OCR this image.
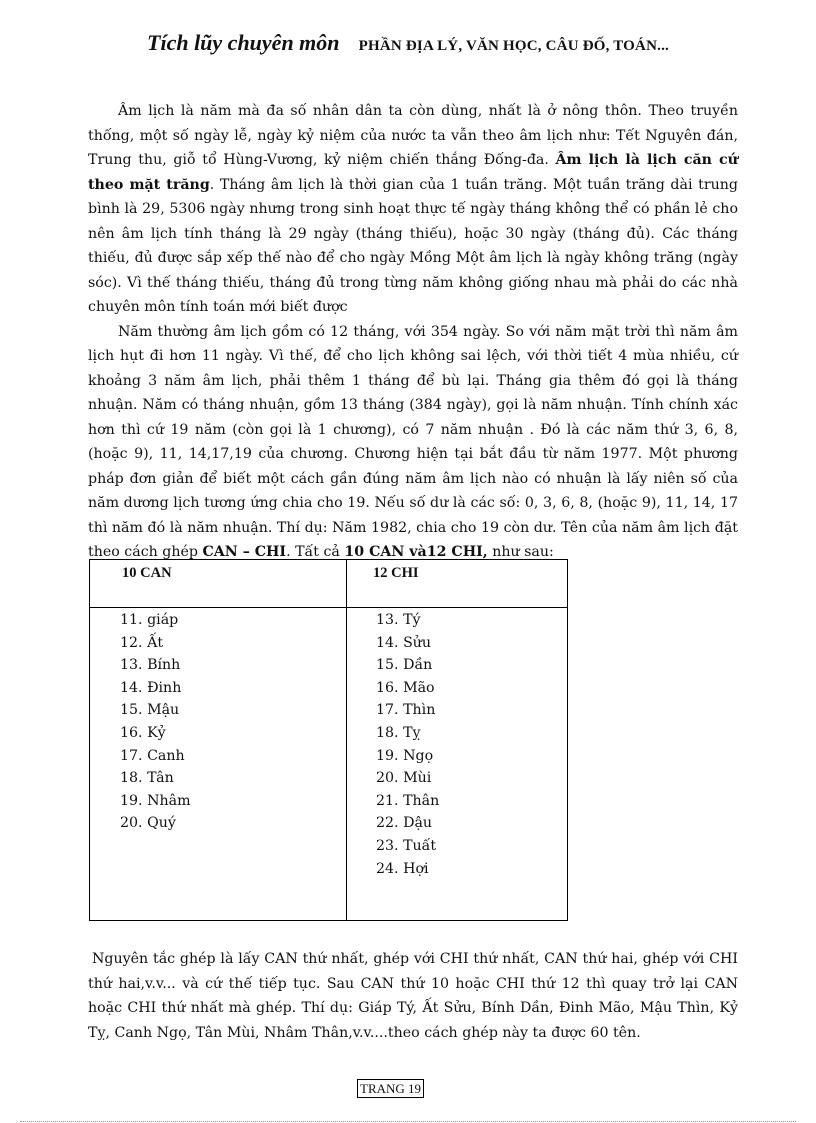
Tích lũy chuyên môn PHẦN ĐỊA LÝ, VĂN HỌC, CÂU ĐỐ, TOÁN...

Âm lịch là năm mà đa số nhân dân ta còn dùng, nhất là ở nông thôn. Theo truyền thống, một số ngày lễ, ngày kỷ niệm của nước ta vẫn theo âm lịch như: Tết Nguyên đán, Trung thu, giỗ tổ Hùng-Vương, kỷ niệm chiến thắng Đống-đa. Âm lịch là lịch căn cứ theo mặt trăng. Tháng âm lịch là thời gian của 1 tuần trăng. Một tuần trăng dài trung bình là 29, 5306 ngày nhưng trong sinh hoạt thực tế ngày tháng không thể có phần lẻ cho nên âm lịch tính tháng là 29 ngày (tháng thiếu), hoặc 30 ngày (tháng đủ). Các tháng thiếu, đủ được sắp xếp thế nào để cho ngày Mồng Một âm lịch là ngày không trăng (ngày sóc). Vì thế tháng thiếu, tháng đủ trong từng năm không giống nhau mà phải do các nhà chuyên môn tính toán mới biết được

Năm thường âm lịch gồm có 12 tháng, với 354 ngày. So với năm mặt trời thì năm âm lịch hụt đi hơn 11 ngày. Vì thế, để cho lịch không sai lệch, với thời tiết 4 mùa nhiều, cứ khoảng 3 năm âm lịch, phải thêm 1 tháng để bù lại. Tháng gia thêm đó gọi là tháng nhuận. Năm có tháng nhuận, gồm 13 tháng (384 ngày), gọi là năm nhuận. Tính chính xác hơn thì cứ 19 năm (còn gọi là 1 chương), có 7 năm nhuận . Đó là các năm thứ 3, 6, 8, (hoặc 9), 11, 14,17,19 của chương. Chương hiện tại bắt đầu từ năm 1977. Một phương pháp đơn giản để biết một cách gần đúng năm âm lịch nào có nhuận là lấy niên số của năm dương lịch tương ứng chia cho 19. Nếu số dư là các số: 0, 3, 6, 8, (hoặc 9), 11, 14, 17 thì năm đó là năm nhuận. Thí dụ: Năm 1982, chia cho 19 còn dư. Tên của năm âm lịch đặt theo cách ghép CAN – CHI. Tất cả 10 CAN và12 CHI, như sau:

10 CAN	12 CHI
11. giáp
12. Ất
13. Bính
14. Đinh
15. Mậu
16. Kỷ
17. Canh
18. Tân
19. Nhâm
20. Quý
13. Tý
14. Sửu
15. Dần
16. Mão
17. Thìn
18. Tỵ
19. Ngọ
20. Mùi
21. Thân
22. Dậu
23. Tuất
24. Hợi

Nguyên tắc ghép là lấy CAN thứ nhất, ghép với CHI thứ nhất, CAN thứ hai, ghép với CHI thứ hai,v.v... và cứ thế tiếp tục. Sau CAN thứ 10 hoặc CHI thứ 12 thì quay trở lại CAN hoặc CHI thứ nhất mà ghép. Thí dụ: Giáp Tý, Ất Sửu, Bính Dần, Đinh Mão, Mậu Thìn, Kỷ Tỵ, Canh Ngọ, Tân Mùi, Nhâm Thân,v.v....theo cách ghép này ta được 60 tên.

TRANG 19
